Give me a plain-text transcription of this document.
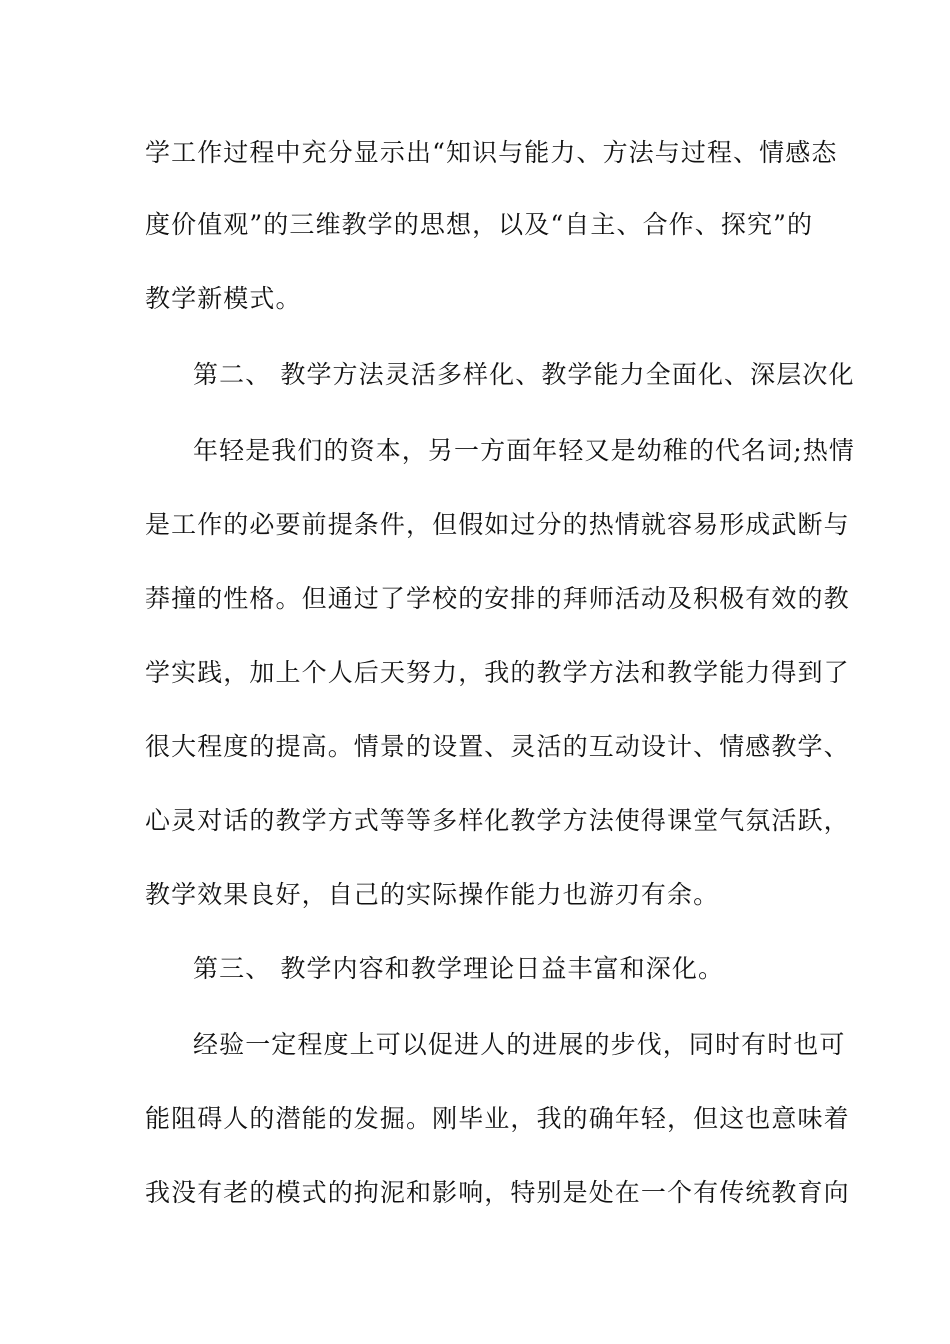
学工作过程中充分显示出“知识与能力、方法与过程、情感态
度价值观”的三维教学的思想，以及“自主、合作、探究”的
教学新模式。
第二、 教学方法灵活多样化、教学能力全面化、深层次化
年轻是我们的资本，另一方面年轻又是幼稚的代名词;热情
是工作的必要前提条件，但假如过分的热情就容易形成武断与
莽撞的性格。但通过了学校的安排的拜师活动及积极有效的教
学实践，加上个人后天努力，我的教学方法和教学能力得到了
很大程度的提高。情景的设置、灵活的互动设计、情感教学、
心灵对话的教学方式等等多样化教学方法使得课堂气氛活跃，
教学效果良好，自己的实际操作能力也游刃有余。
第三、 教学内容和教学理论日益丰富和深化。
经验一定程度上可以促进人的进展的步伐，同时有时也可
能阻碍人的潜能的发掘。刚毕业，我的确年轻，但这也意味着
我没有老的模式的拘泥和影响，特别是处在一个有传统教育向
